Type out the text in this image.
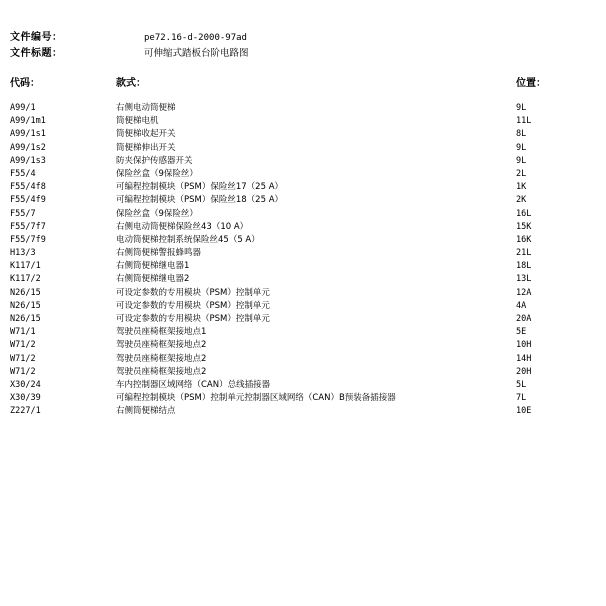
文件编号：	pe72.16-d-2000-97ad
文件标题：	可伸缩式踏板台阶电路图
代码：	款式：	位置：
A99/1	右侧电动筒便梯	9L
A99/1m1	筒便梯电机	11L
A99/1s1	筒便梯收起开关	8L
A99/1s2	筒便梯伸出开关	9L
A99/1s3	防夹保护传感器开关	9L
F55/4	保险丝盒（9保险丝）	2L
F55/4f8	可编程控制模块（PSM）保险丝17（25 A）	1K
F55/4f9	可编程控制模块（PSM）保险丝18（25 A）	2K
F55/7	保险丝盒（9保险丝）	16L
F55/7f7	右侧电动筒便梯保险丝43（10 A）	15K
F55/7f9	电动筒便梯控制系统保险丝45（5 A）	16K
H13/3	右侧筒便梯警报蜂鸣器	21L
K117/1	右侧筒便梯继电器1	18L
K117/2	右侧筒便梯继电器2	13L
N26/15	可设定参数的专用模块（PSM）控制单元	12A
N26/15	可设定参数的专用模块（PSM）控制单元	4A
N26/15	可设定参数的专用模块（PSM）控制单元	20A
W71/1	驾驶员座椅框架接地点1	5E
W71/2	驾驶员座椅框架接地点2	10H
W71/2	驾驶员座椅框架接地点2	14H
W71/2	驾驶员座椅框架接地点2	20H
X30/24	车内控制器区域网络（CAN）总线插接器	5L
X30/39	可编程控制模块（PSM）控制单元控制器区域网络（CAN）B预装备插接器	7L
Z227/1	右侧筒便梯结点	10E
